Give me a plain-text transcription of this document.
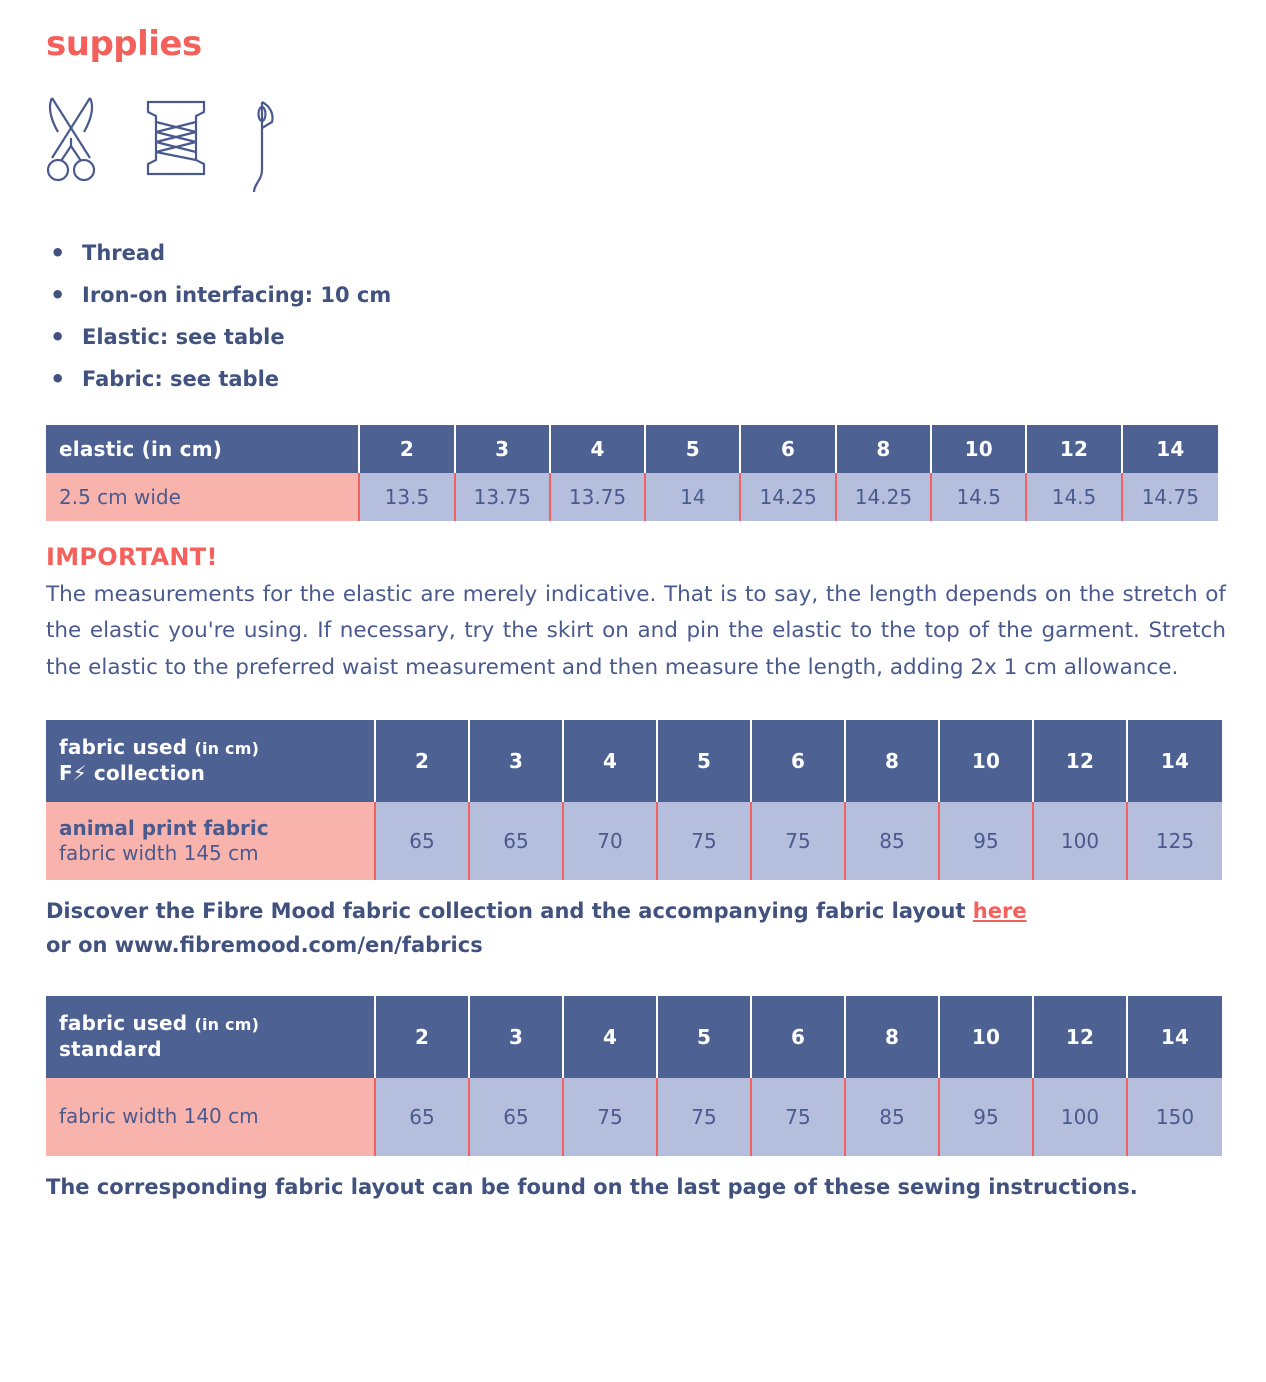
supplies
• Thread
• Iron-on interfacing: 10 cm
• Elastic: see table
• Fabric: see table
elastic (in cm)	2	3	4	5	6	8	10	12	14
2.5 cm wide	13.5	13.75	13.75	14	14.25	14.25	14.5	14.5	14.75
IMPORTANT!

The measurements for the elastic are merely indicative. That is to say, the length depends on the stretch of the elastic you're using. If necessary, try the skirt on and pin the elastic to the top of the garment. Stretch the elastic to the preferred waist measurement and then measure the length, adding 2x 1 cm allowance.

fabric used (in cm)
F⚡ collection	2	3	4	5	6	8	10	12	14

animal print fabric
fabric width 145 cm	65	65	70	75	75	85	95	100	125

Discover the Fibre Mood fabric collection and the accompanying fabric layout here
or on www.fibremood.com/en/fabrics

fabric used (in cm)
standard	2	3	4	5	6	8	10	12	14
fabric width 140 cm	65	65	75	75	75	85	95	100	150

The corresponding fabric layout can be found on the last page of these sewing instructions.
